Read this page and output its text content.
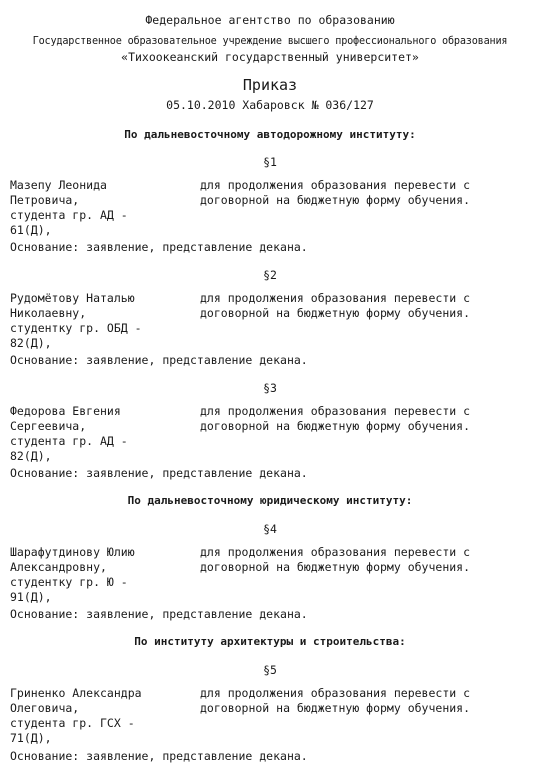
Федеральное агентство по образованию
Государственное образовательное учреждение высшего профессионального образования
«Тихоокеанский государственный университет»
Приказ
05.10.2010 Хабаровск № 036/127
По дальневосточному автодорожному институту:
§1
Мазепу Леонида
Петровича,
студента гр. АД -
61(Д),
для продолжения образования перевести с договорной на бюджетную форму обучения.
Основание: заявление, представление декана.
§2
Рудомётову Наталью
Николаевну,
студентку гр. ОБД -
82(Д),
для продолжения образования перевести с договорной на бюджетную форму обучения.
Основание: заявление, представление декана.
§3
Федорова Евгения
Сергеевича,
студента гр. АД -
82(Д),
для продолжения образования перевести с договорной на бюджетную форму обучения.
Основание: заявление, представление декана.
По дальневосточному юридическому институту:
§4
Шарафутдинову Юлию
Александровну,
студентку гр. Ю -
91(Д),
для продолжения образования перевести с договорной на бюджетную форму обучения.
Основание: заявление, представление декана.
По институту архитектуры и строительства:
§5
Гриненко Александра
Олеговича,
студента гр. ГСХ -
71(Д),
для продолжения образования перевести с договорной на бюджетную форму обучения.
Основание: заявление, представление декана.
